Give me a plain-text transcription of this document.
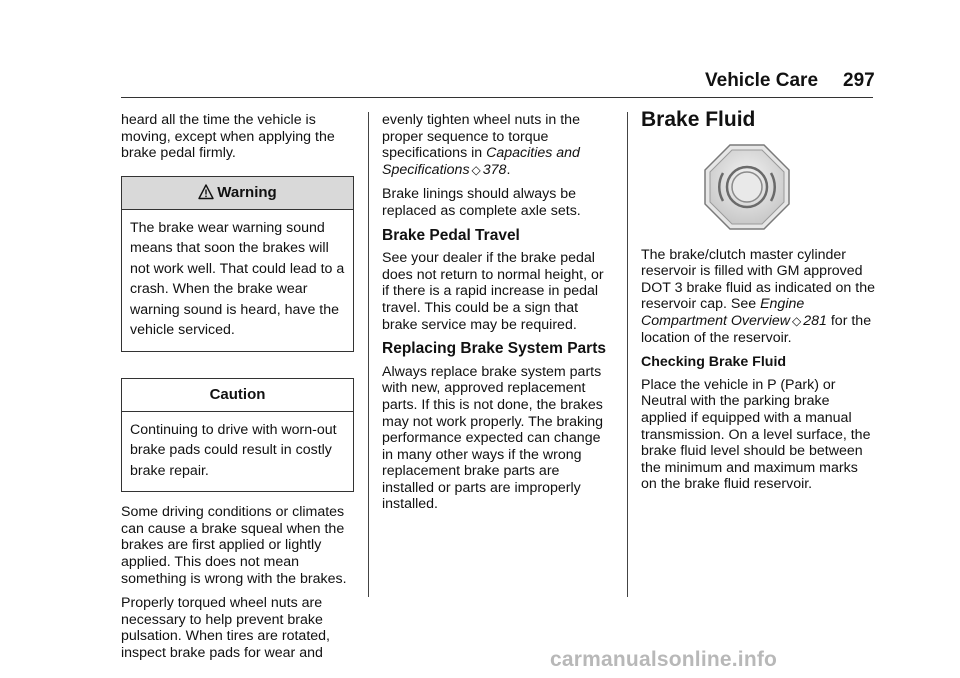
Vehicle Care 297

heard all the time the vehicle is moving, except when applying the brake pedal firmly.

Warning
The brake wear warning sound means that soon the brakes will not work well. That could lead to a crash. When the brake wear warning sound is heard, have the vehicle serviced.
Caution
Continuing to drive with worn-out brake pads could result in costly brake repair.

Some driving conditions or climates can cause a brake squeal when the brakes are first applied or lightly applied. This does not mean something is wrong with the brakes.

Properly torqued wheel nuts are necessary to help prevent brake pulsation. When tires are rotated, inspect brake pads for wear and

evenly tighten wheel nuts in the proper sequence to torque specifications in Capacities and Specifications ◇ 378.

Brake linings should always be replaced as complete axle sets.

Brake Pedal Travel

See your dealer if the brake pedal does not return to normal height, or if there is a rapid increase in pedal travel. This could be a sign that brake service may be required.

Replacing Brake System Parts

Always replace brake system parts with new, approved replacement parts. If this is not done, the brakes may not work properly. The braking performance expected can change in many other ways if the wrong replacement brake parts are installed or parts are improperly installed.

Brake Fluid

The brake/clutch master cylinder reservoir is filled with GM approved DOT 3 brake fluid as indicated on the reservoir cap. See Engine Compartment Overview ◇ 281 for the location of the reservoir.

Checking Brake Fluid

Place the vehicle in P (Park) or Neutral with the parking brake applied if equipped with a manual transmission. On a level surface, the brake fluid level should be between the minimum and maximum marks on the brake fluid reservoir.

carmanualsonline.info
